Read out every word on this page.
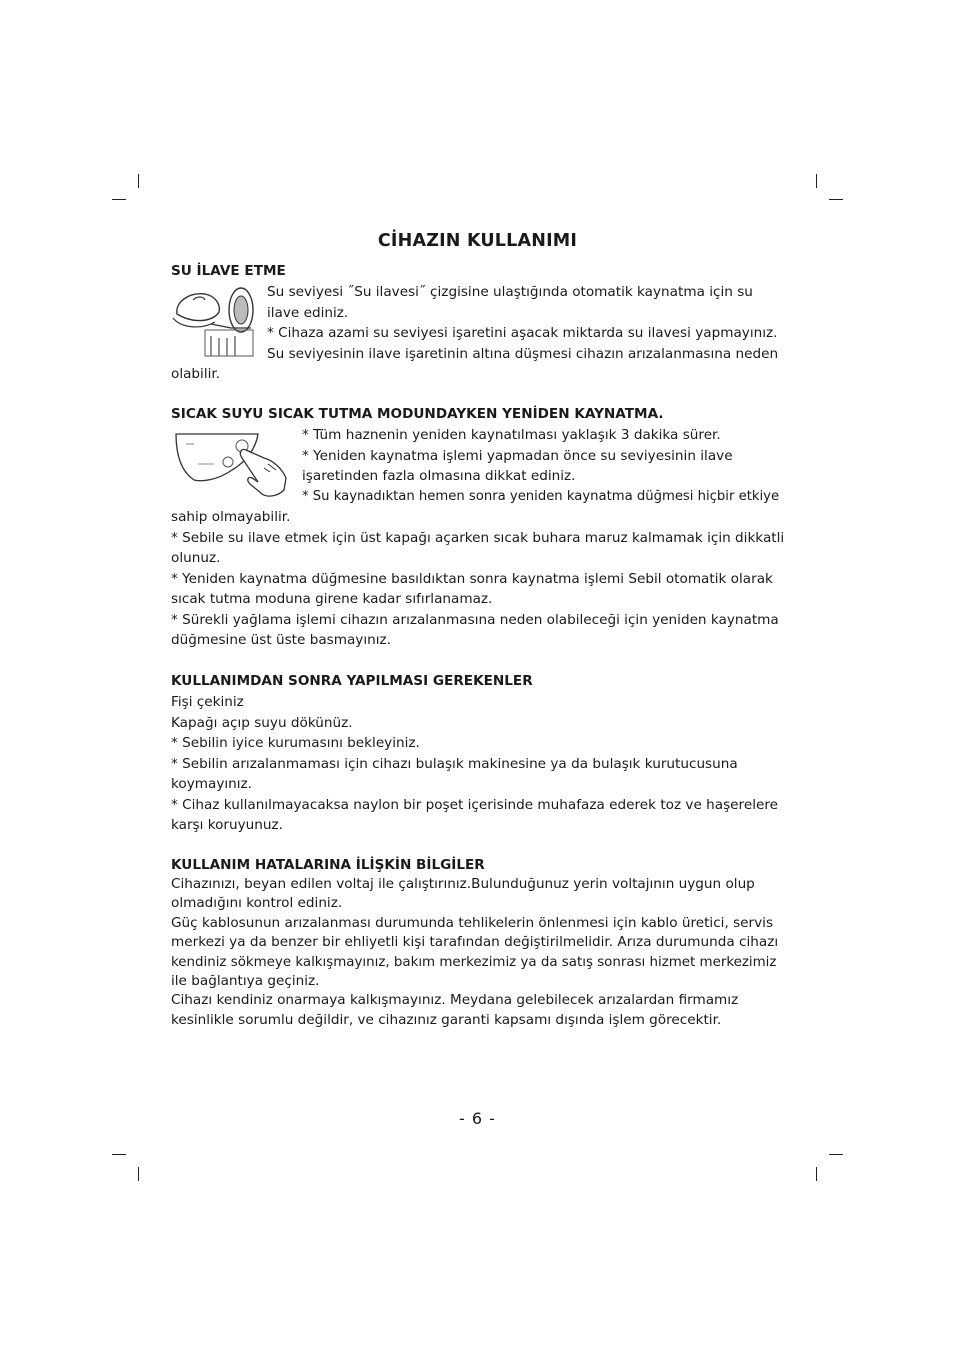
CİHAZIN KULLANIMI
SU İLAVE ETME

Su seviyesi ˝Su ilavesi˝ çizgisine ulaştığında otomatik kaynatma için su
ilave ediniz.
* Cihaza azami su seviyesi işaretini aşacak miktarda su ilavesi yapmayınız.
Su seviyesinin ilave işaretinin altına düşmesi cihazın arızalanmasına neden

olabilir.

SICAK SUYU SICAK TUTMA MODUNDAYKEN YENİDEN KAYNATMA.

* Tüm haznenin yeniden kaynatılması yaklaşık 3 dakika sürer.
* Yeniden kaynatma işlemi yapmadan önce su seviyesinin ilave
işaretinden fazla olmasına dikkat ediniz.
* Su kaynadıktan hemen sonra yeniden kaynatma düğmesi hiçbir etkiye

sahip olmayabilir.
* Sebile su ilave etmek için üst kapağı açarken sıcak buhara maruz kalmamak için dikkatli
olunuz.
* Yeniden kaynatma düğmesine basıldıktan sonra kaynatma işlemi Sebil otomatik olarak
sıcak tutma moduna girene kadar sıfırlanamaz.
* Sürekli yağlama işlemi cihazın arızalanmasına neden olabileceği için yeniden kaynatma
düğmesine üst üste basmayınız.

KULLANIMDAN SONRA YAPILMASI GEREKENLER

Fişi çekiniz
Kapağı açıp suyu dökünüz.
* Sebilin iyice kurumasını bekleyiniz.
* Sebilin arızalanmaması için cihazı bulaşık makinesine ya da bulaşık kurutucusuna
koymayınız.
* Cihaz kullanılmayacaksa naylon bir poşet içerisinde muhafaza ederek toz ve haşerelere
karşı koruyunuz.

KULLANIM HATALARINA İLİŞKİN BİLGİLER

Cihazınızı, beyan edilen voltaj ile çalıştırınız.Bulunduğunuz yerin voltajının uygun olup
olmadığını kontrol ediniz.
Güç kablosunun arızalanması durumunda tehlikelerin önlenmesi için kablo üretici, servis
merkezi ya da benzer bir ehliyetli kişi tarafından değiştirilmelidir. Arıza durumunda cihazı
kendiniz sökmeye kalkışmayınız, bakım merkezimiz ya da satış sonrası hizmet merkezimiz
ile bağlantıya geçiniz.
Cihazı kendiniz onarmaya kalkışmayınız. Meydana gelebilecek arızalardan firmamız
kesinlikle sorumlu değildir, ve cihazınız garanti kapsamı dışında işlem görecektir.

- 6 -
